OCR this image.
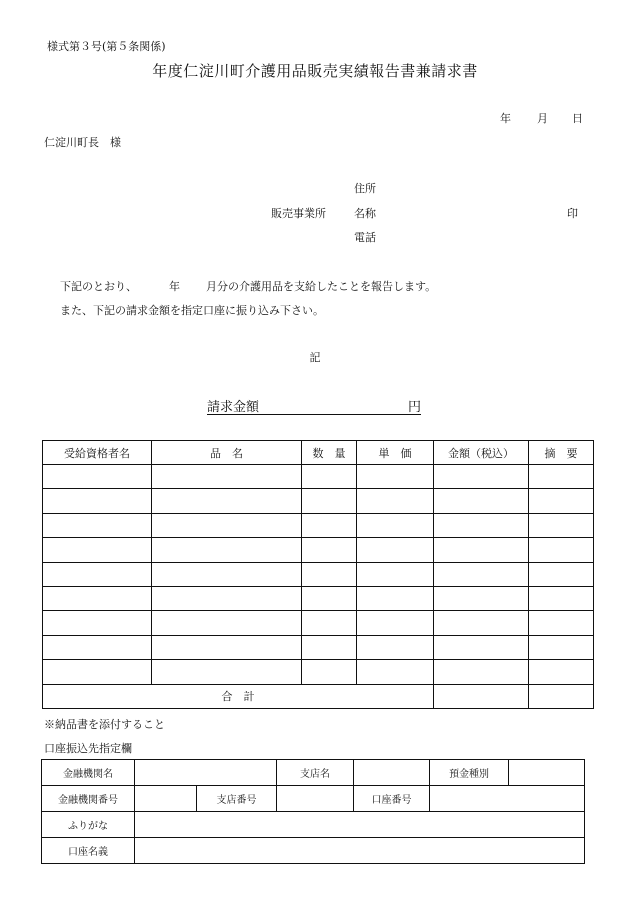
様式第３号(第５条関係)
年度仁淀川町介護用品販売実績報告書兼請求書
年 月 日
仁淀川町長　様
住所
販売事業所	名称	印
電話
下記のとおり、	年 月分の介護用品を支給したことを報告します。
また、下記の請求金額を指定口座に振り込み下さい。
記
請求金額	円
受給資格者名	品　名	数　量	単　価	金額（税込）	摘　要

合　計					
※納品書を添付すること
口座振込先指定欄
金融機関名			支店名		預金種別	
金融機関番号		支店番号		口座番号		
ふりがな						
口座名義						
